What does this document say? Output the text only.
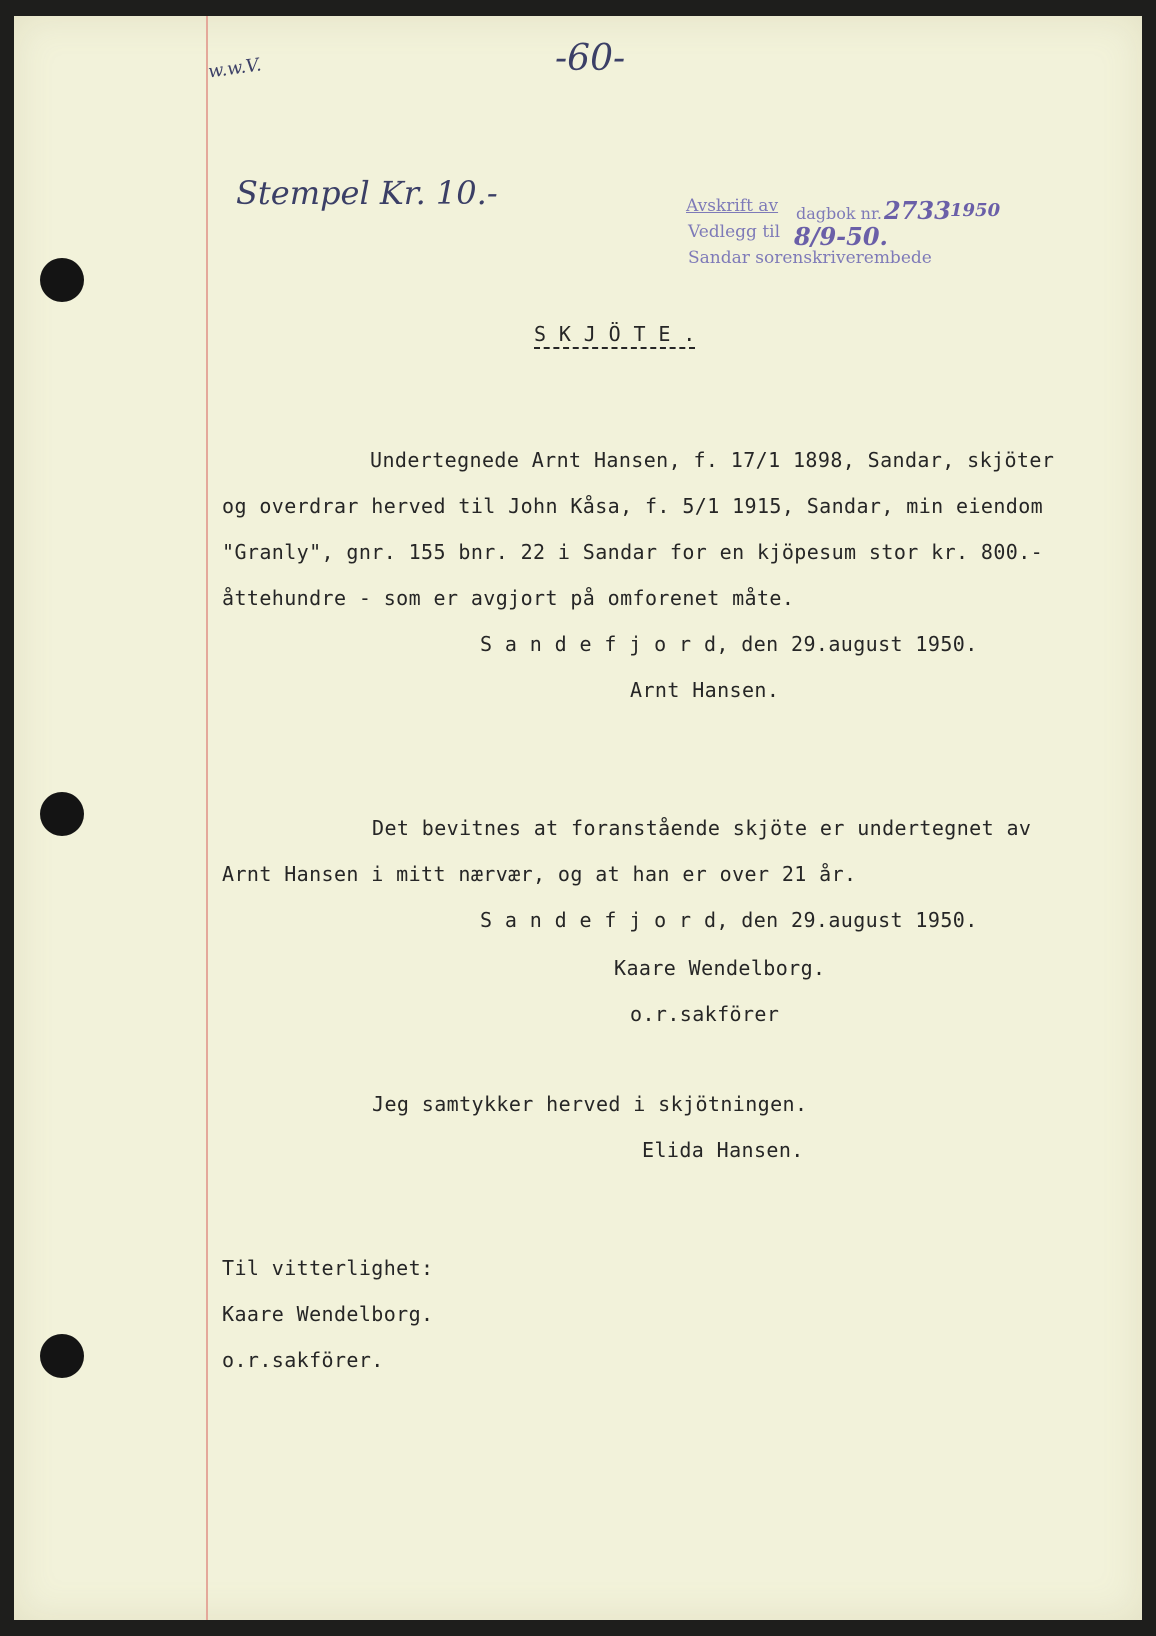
w.w.V.	-60-
Stempel Kr. 10.-	Avskrift av dagbok nr. 2733 1950
Vedlegg til 8/9-50.
Sandar sorenskriverembede
S K J Ö T E .
Undertegnede Arnt Hansen, f. 17/1 1898, Sandar, skjöter
og overdrar herved til John Kåsa, f. 5/1 1915, Sandar, min eiendom
"Granly", gnr. 155 bnr. 22 i Sandar for en kjöpesum stor kr. 800.-
åttehundre - som er avgjort på omforenet måte.
S a n d e f j o r d, den 29.august 1950.
Arnt Hansen.
Det bevitnes at foranstående skjöte er undertegnet av
Arnt Hansen i mitt nærvær, og at han er over 21 år.
S a n d e f j o r d, den 29.august 1950.
Kaare Wendelborg.
o.r.sakförer
Jeg samtykker herved i skjötningen.
Elida Hansen.
Til vitterlighet:
Kaare Wendelborg.
o.r.sakförer.
